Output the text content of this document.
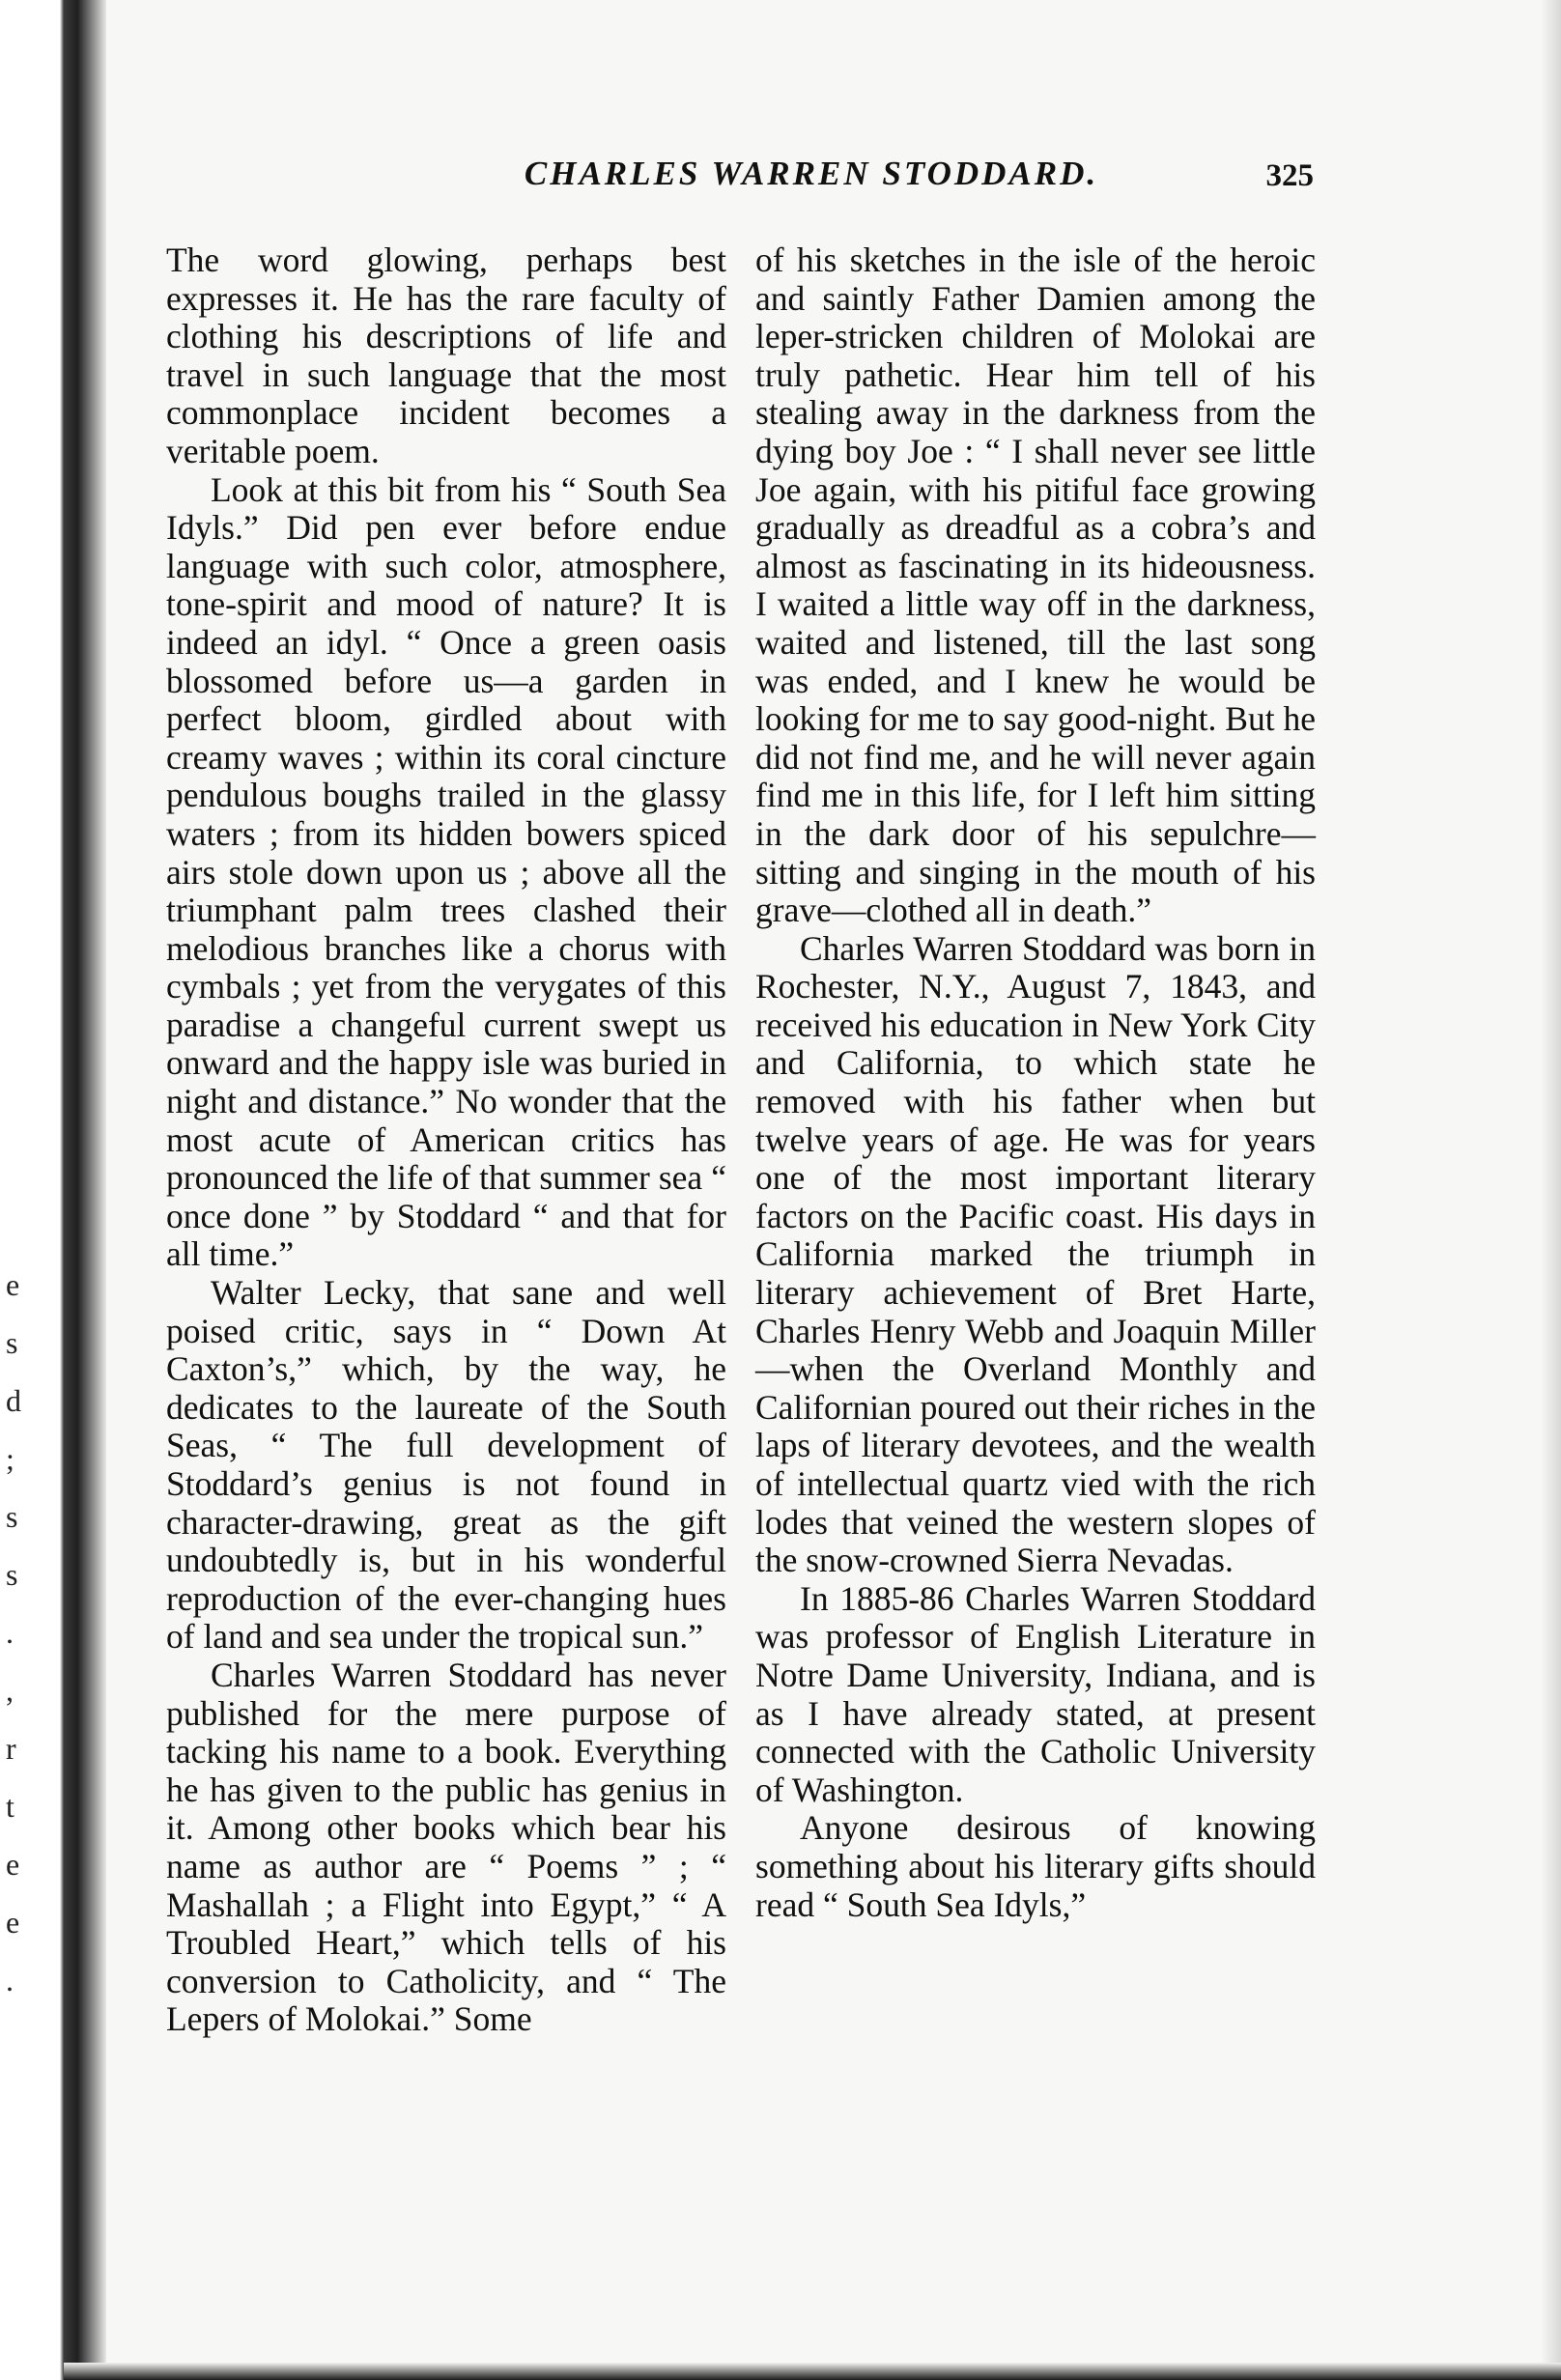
e s d ; s s . , r t e e .
CHARLES WARREN STODDARD.	325

The word glowing, perhaps best expresses it. He has the rare faculty of clothing his descriptions of life and travel in such language that the most commonplace incident becomes a veritable poem.

Look at this bit from his “ South Sea Idyls.” Did pen ever before endue language with such color, atmosphere, tone-spirit and mood of nature? It is indeed an idyl. “ Once a green oasis blossomed before us—a garden in perfect bloom, girdled about with creamy waves ; within its coral cincture pendulous boughs trailed in the glassy waters ; from its hidden bowers spiced airs stole down upon us ; above all the triumphant palm trees clashed their melodious branches like a chorus with cymbals ; yet from the verygates of this paradise a changeful current swept us onward and the happy isle was buried in night and distance.” No wonder that the most acute of American critics has pronounced the life of that summer sea “ once done ” by Stoddard “ and that for all time.”

Walter Lecky, that sane and well poised critic, says in “ Down At Caxton’s,” which, by the way, he dedicates to the laureate of the South Seas, “ The full development of Stoddard’s genius is not found in character-drawing, great as the gift undoubtedly is, but in his wonderful reproduction of the ever-changing hues of land and sea under the tropical sun.”

Charles Warren Stoddard has never published for the mere purpose of tacking his name to a book. Everything he has given to the public has genius in it. Among other books which bear his name as author are “ Poems ” ; “ Mashallah ; a Flight into Egypt,” “ A Troubled Heart,” which tells of his conversion to Catholicity, and “ The Lepers of Molokai.” Some

of his sketches in the isle of the heroic and saintly Father Damien among the leper-stricken children of Molokai are truly pathetic. Hear him tell of his stealing away in the darkness from the dying boy Joe : “ I shall never see little Joe again, with his pitiful face growing gradually as dreadful as a cobra’s and almost as fascinating in its hideousness. I waited a little way off in the darkness, waited and listened, till the last song was ended, and I knew he would be looking for me to say good-night. But he did not find me, and he will never again find me in this life, for I left him sitting in the dark door of his sepulchre—sitting and singing in the mouth of his grave—clothed all in death.”

Charles Warren Stoddard was born in Rochester, N.Y., August 7, 1843, and received his education in New York City and California, to which state he removed with his father when but twelve years of age. He was for years one of the most important literary factors on the Pacific coast. His days in California marked the triumph in literary achievement of Bret Harte, Charles Henry Webb and Joaquin Miller—when the Overland Monthly and Californian poured out their riches in the laps of literary devotees, and the wealth of intellectual quartz vied with the rich lodes that veined the western slopes of the snow-crowned Sierra Nevadas.

In 1885-86 Charles Warren Stoddard was professor of English Literature in Notre Dame University, Indiana, and is as I have already stated, at present connected with the Catholic University of Washington.

Anyone desirous of knowing something about his literary gifts should read “ South Sea Idyls,”
